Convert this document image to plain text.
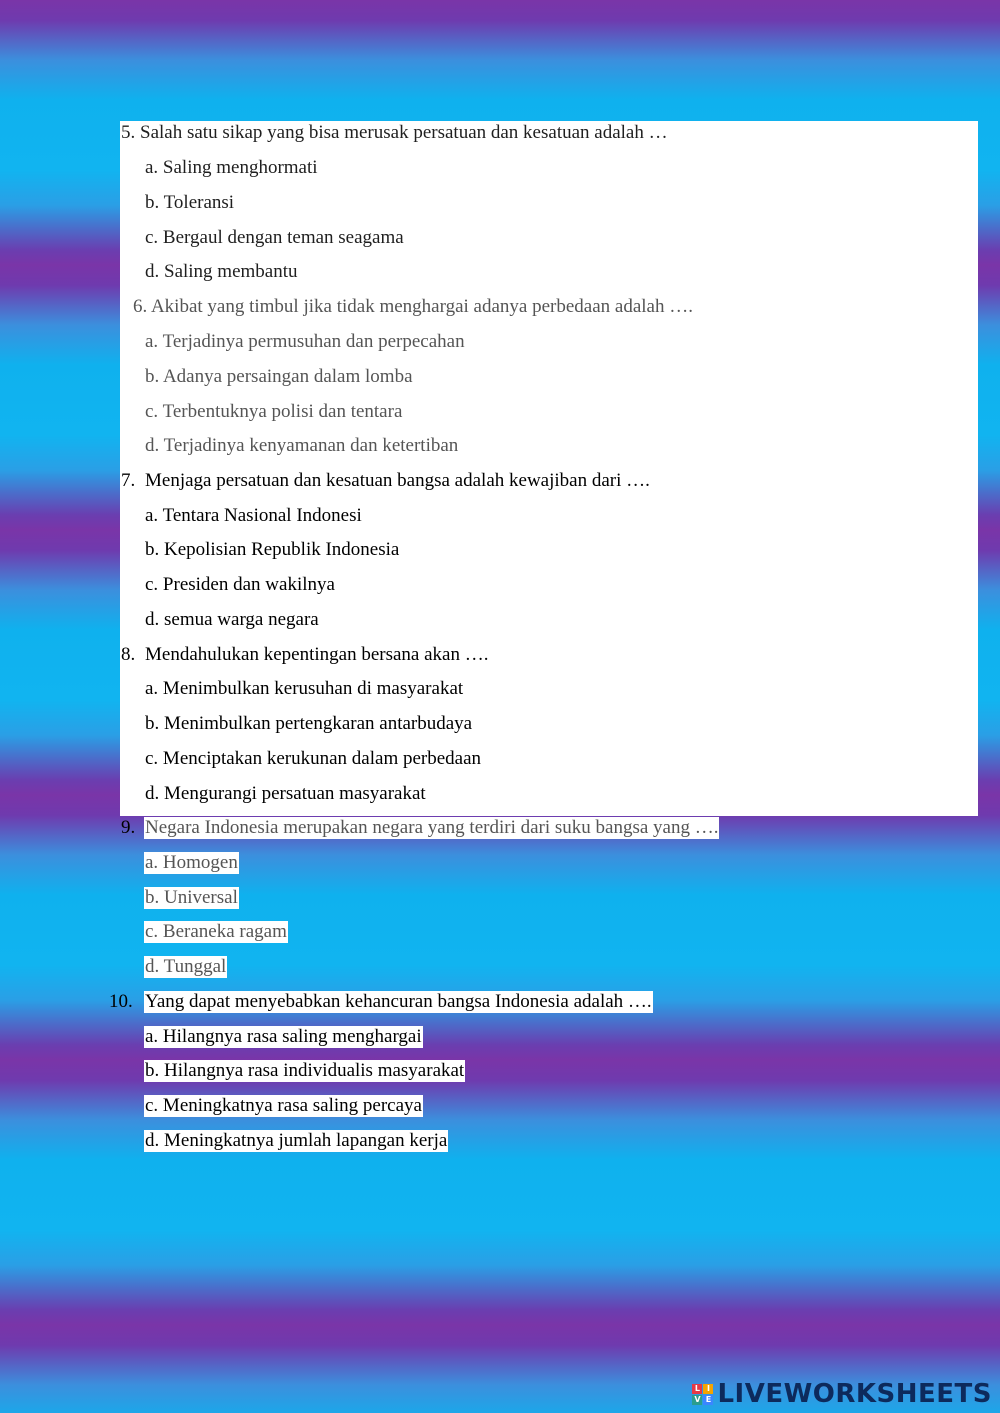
5. Salah satu sikap yang bisa merusak persatuan dan kesatuan adalah …
a. Saling menghormati
b. Toleransi
c. Bergaul dengan teman seagama
d. Saling membantu
6. Akibat yang timbul jika tidak menghargai adanya perbedaan adalah ….
a. Terjadinya permusuhan dan perpecahan
b. Adanya persaingan dalam lomba
c. Terbentuknya polisi dan tentara
d. Terjadinya kenyamanan dan ketertiban
7. Menjaga persatuan dan kesatuan bangsa adalah kewajiban dari ….
a. Tentara Nasional Indonesi
b. Kepolisian Republik Indonesia
c. Presiden dan wakilnya
d. semua warga negara
8. Mendahulukan kepentingan bersana akan ….
a. Menimbulkan kerusuhan di masyarakat
b. Menimbulkan pertengkaran antarbudaya
c. Menciptakan kerukunan dalam perbedaan
d. Mengurangi persatuan masyarakat
9. Negara Indonesia merupakan negara yang terdiri dari suku bangsa yang ….
a. Homogen
b. Universal
c. Beraneka ragam
d. Tunggal
10. Yang dapat menyebabkan kehancuran bangsa Indonesia adalah ….
a. Hilangnya rasa saling menghargai
b. Hilangnya rasa individualis masyarakat
c. Meningkatnya rasa saling percaya
d. Meningkatnya jumlah lapangan kerja
L I
V E LIVEWORKSHEETS
